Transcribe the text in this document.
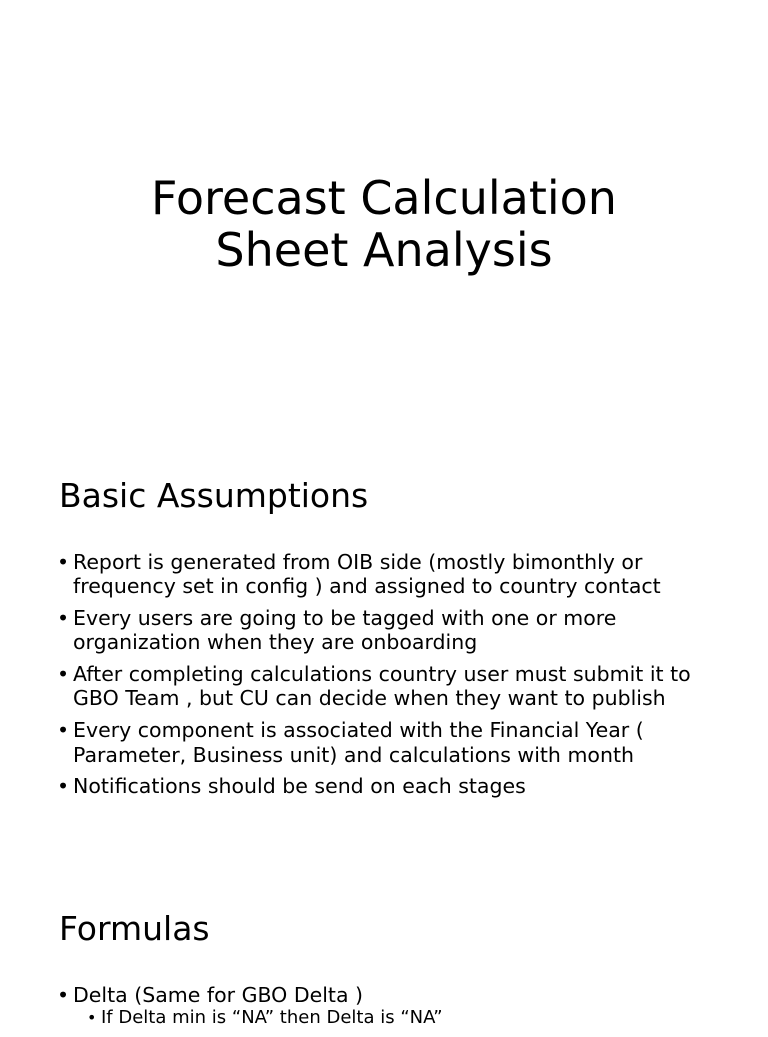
Forecast Calculation
Sheet Analysis
Basic Assumptions
• Report is generated from OIB side (mostly bimonthly or frequency set in config ) and assigned to country contact
• Every users are going to be tagged with one or more organization when they are onboarding
• After completing calculations country user must submit it to GBO Team , but CU can decide when they want to publish
• Every component is associated with the Financial Year ( Parameter, Business unit) and calculations with month
• Notifications should be send on each stages
Formulas
• Delta (Same for GBO Delta )
• If Delta min is “NA” then Delta is “NA”
